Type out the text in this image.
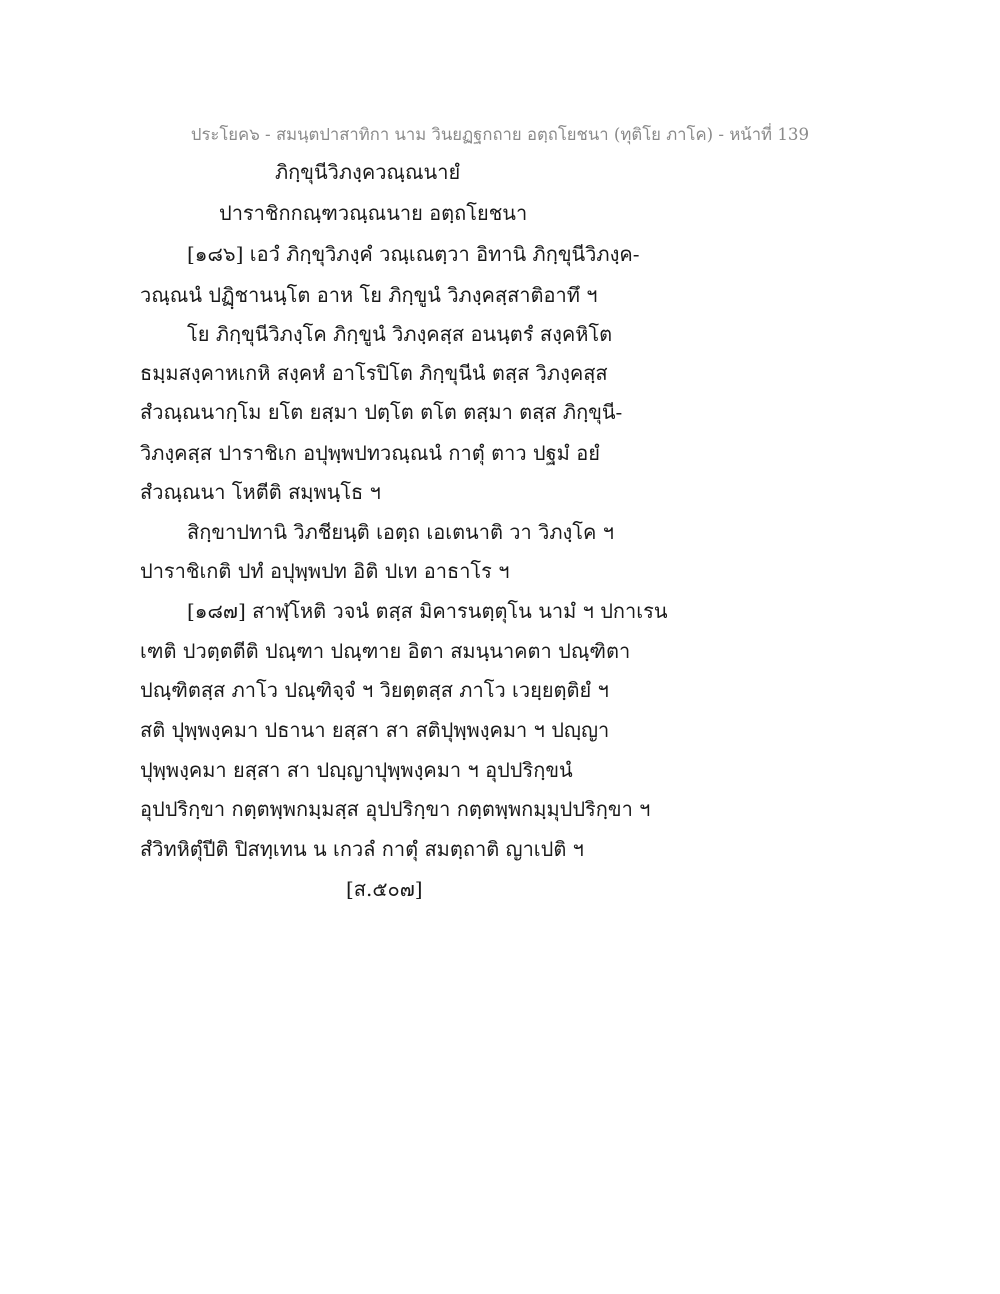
ประโยค๖ - สมนฺตปาสาทิกา นาม วินยฏฐกถาย อตฺถโยชนา (ทุติโย ภาโค) - หน้าที่ 139
ภิกฺขุนีวิภงฺควณฺณนายํ
ปาราชิกกณฺฑวณฺณนาย อตฺถโยชนา
[๑๘๖] เอวํ ภิกฺขุวิภงฺคํ วณฺเณตฺวา อิทานิ ภิกฺขุนีวิภงฺค-
วณฺณนํ ปฏฺิชานนฺโต อาห โย ภิกฺขูนํ วิภงฺคสฺสาติอาทึ ฯ
โย ภิกฺขุนีวิภงฺโค ภิกฺขูนํ วิภงฺคสฺส อนนฺตรํ สงฺคหิโต
ธมฺมสงฺคาหเกหิ สงฺคหํ อาโรปิโต ภิกฺขุนีนํ ตสฺส วิภงฺคสฺส
สํวณฺณนากฺโม ยโต ยสฺมา ปตฺโต ตโต ตสฺมา ตสฺส ภิกฺขุนี-
วิภงฺคสฺส ปาราชิเก อปุพฺพปทวณฺณนํ กาตุํ ตาว ปฐมํ อยํ
สํวณฺณนา โหตีติ สมฺพนฺโธ ฯ
สิกฺขาปทานิ วิภชียนฺติ เอตฺถ เอเตนาติ วา วิภงฺโค ฯ
ปาราชิเกติ ปทํ อปุพฺพปท อิติ ปเท อาธาโร ฯ
[๑๘๗] สาฬฺโหติ วจนํ ตสฺส มิคารนตฺตุโน นามํ ฯ ปกาเรน
เฑติ ปวตฺตตีติ ปณฺฑา ปณฺฑาย อิตา สมนฺนาคตา ปณฺฑิตา
ปณฺฑิตสฺส ภาโว ปณฺฑิจฺจํ ฯ วิยตฺตสฺส ภาโว เวยฺยตฺติยํ ฯ
สติ ปุพฺพงฺคมา ปธานา ยสฺสา สา สติปุพฺพงฺคมา ฯ ปญฺญา
ปุพฺพงฺคมา ยสฺสา สา ปญฺญาปุพฺพงฺคมา ฯ อุปปริกฺขนํ
อุปปริกฺขา กตฺตพฺพกมฺมสฺส อุปปริกฺขา กตฺตพฺพกมฺมุปปริกฺขา ฯ
สํวิทหิตุํปีติ ปิสทฺเทน น เกวลํ กาตุํ สมตฺถาติ ญาเปติ ฯ
[ส.๕๐๗]
